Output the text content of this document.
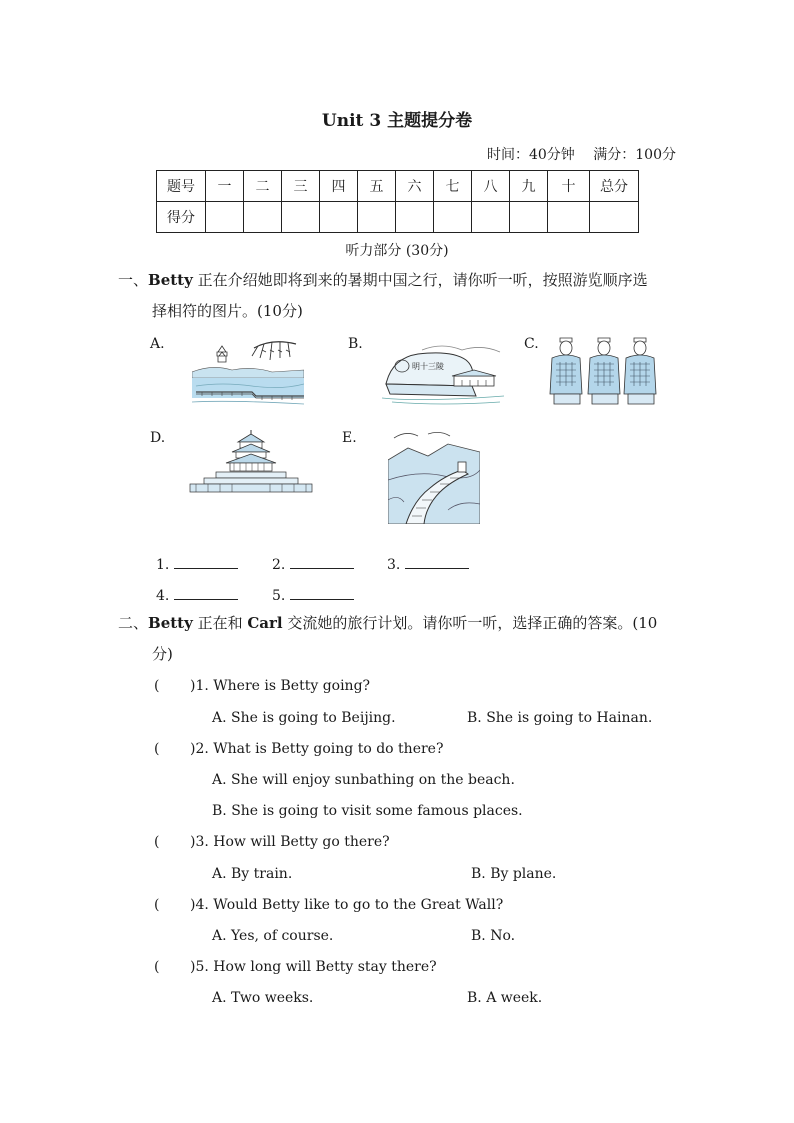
Unit 3 主题提分卷
时间：40分钟 满分：100分
题号	一	二	三	四	五	六	七	八	九	十	总分
得分											
听力部分 (30分)
一、Betty 正在介绍她即将到来的暑期中国之行，请你听一听，按照游览顺序选
择相符的图片。(10分)
A.	B.	C.
D.	E.
明十三陵
1.	2.	3.
4.	5.
二、Betty 正在和 Carl 交流她的旅行计划。请你听一听，选择正确的答案。(10
分)
( )1. Where is Betty going?
A. She is going to Beijing.	B. She is going to Hainan.
( )2. What is Betty going to do there?
A. She will enjoy sunbathing on the beach.
B. She is going to visit some famous places.
( )3. How will Betty go there?
A. By train.	B. By plane.
( )4. Would Betty like to go to the Great Wall?
A. Yes, of course.	B. No.
( )5. How long will Betty stay there?
A. Two weeks.	B. A week.
